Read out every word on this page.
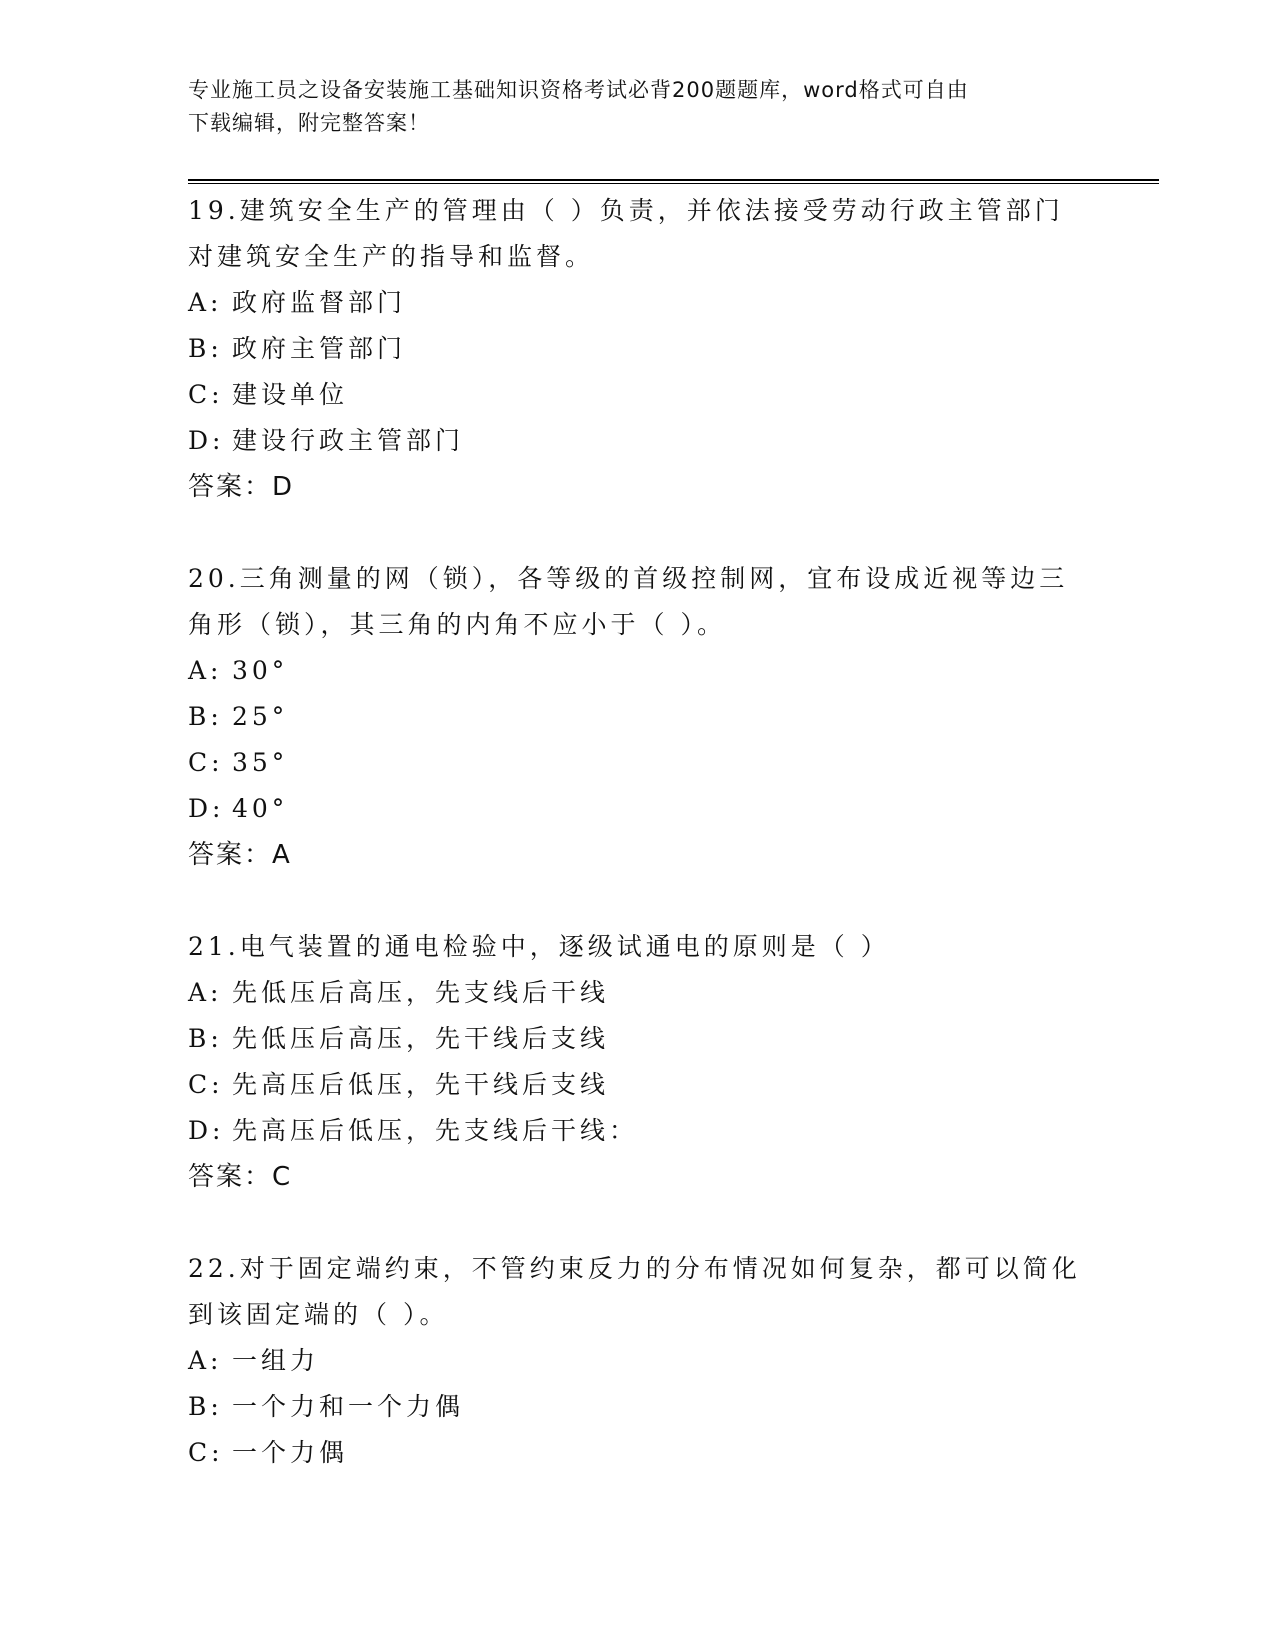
专业施工员之设备安装施工基础知识资格考试必背200题题库，word格式可自由
下载编辑，附完整答案！
19.建筑安全生产的管理由（ ）负责，并依法接受劳动行政主管部门
对建筑安全生产的指导和监督。
A: 政府监督部门
B: 政府主管部门
C: 建设单位
D: 建设行政主管部门
答案：D
20.三角测量的网（锁），各等级的首级控制网，宜布设成近视等边三
角形（锁），其三角的内角不应小于（ ）。
A: 30°
B: 25°
C: 35°
D: 40°
答案：A
21.电气装置的通电检验中，逐级试通电的原则是（ ）
A: 先低压后高压，先支线后干线
B: 先低压后高压，先干线后支线
C: 先高压后低压，先干线后支线
D: 先高压后低压，先支线后干线：
答案：C
22.对于固定端约束，不管约束反力的分布情况如何复杂，都可以简化
到该固定端的（ ）。
A: 一组力
B: 一个力和一个力偶
C: 一个力偶
